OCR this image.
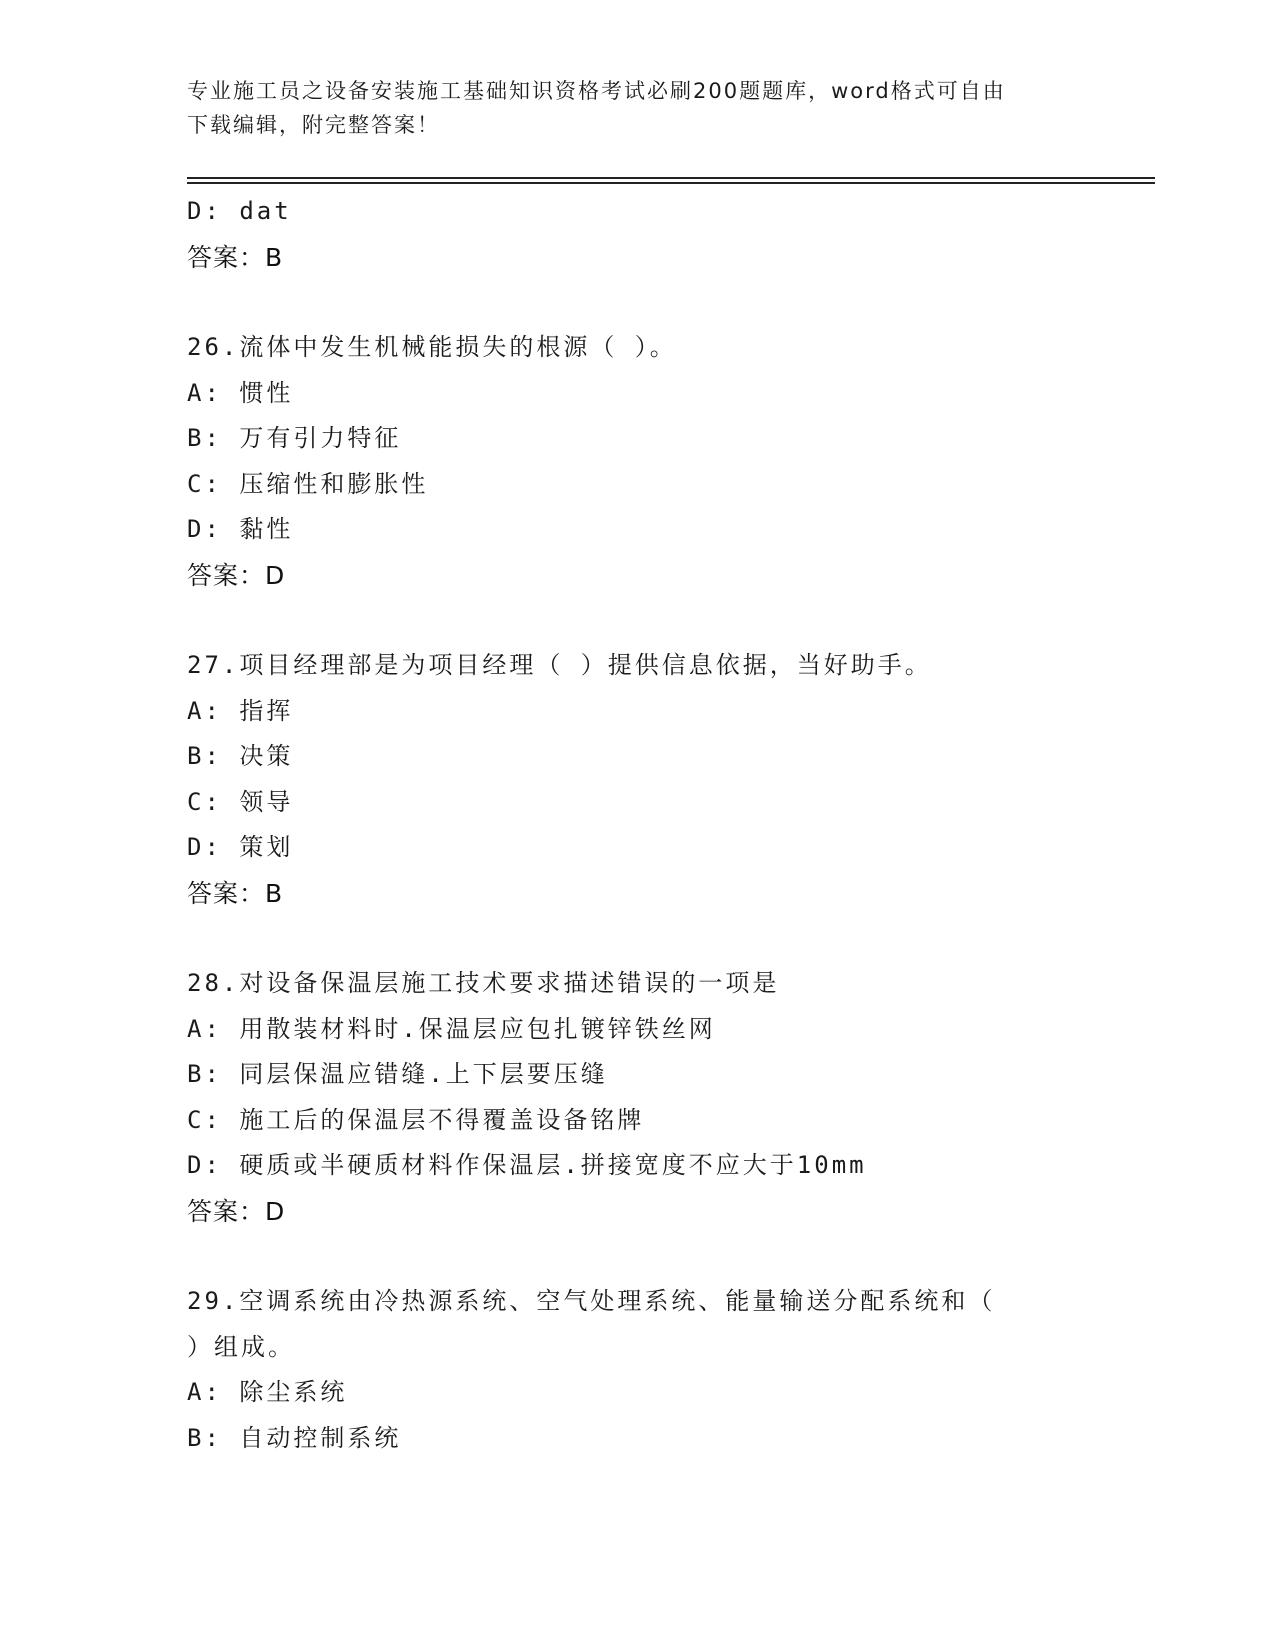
专业施工员之设备安装施工基础知识资格考试必刷200题题库，word格式可自由
下载编辑，附完整答案！
D: dat
答案：B
26.流体中发生机械能损失的根源（ ）。
A: 惯性
B: 万有引力特征
C: 压缩性和膨胀性
D: 黏性
答案：D
27.项目经理部是为项目经理（ ）提供信息依据，当好助手。
A: 指挥
B: 决策
C: 领导
D: 策划
答案：B
28.对设备保温层施工技术要求描述错误的一项是
A: 用散装材料时.保温层应包扎镀锌铁丝网
B: 同层保温应错缝.上下层要压缝
C: 施工后的保温层不得覆盖设备铭牌
D: 硬质或半硬质材料作保温层.拼接宽度不应大于10mm
答案：D
29.空调系统由冷热源系统、空气处理系统、能量输送分配系统和（
）组成。
A: 除尘系统
B: 自动控制系统
